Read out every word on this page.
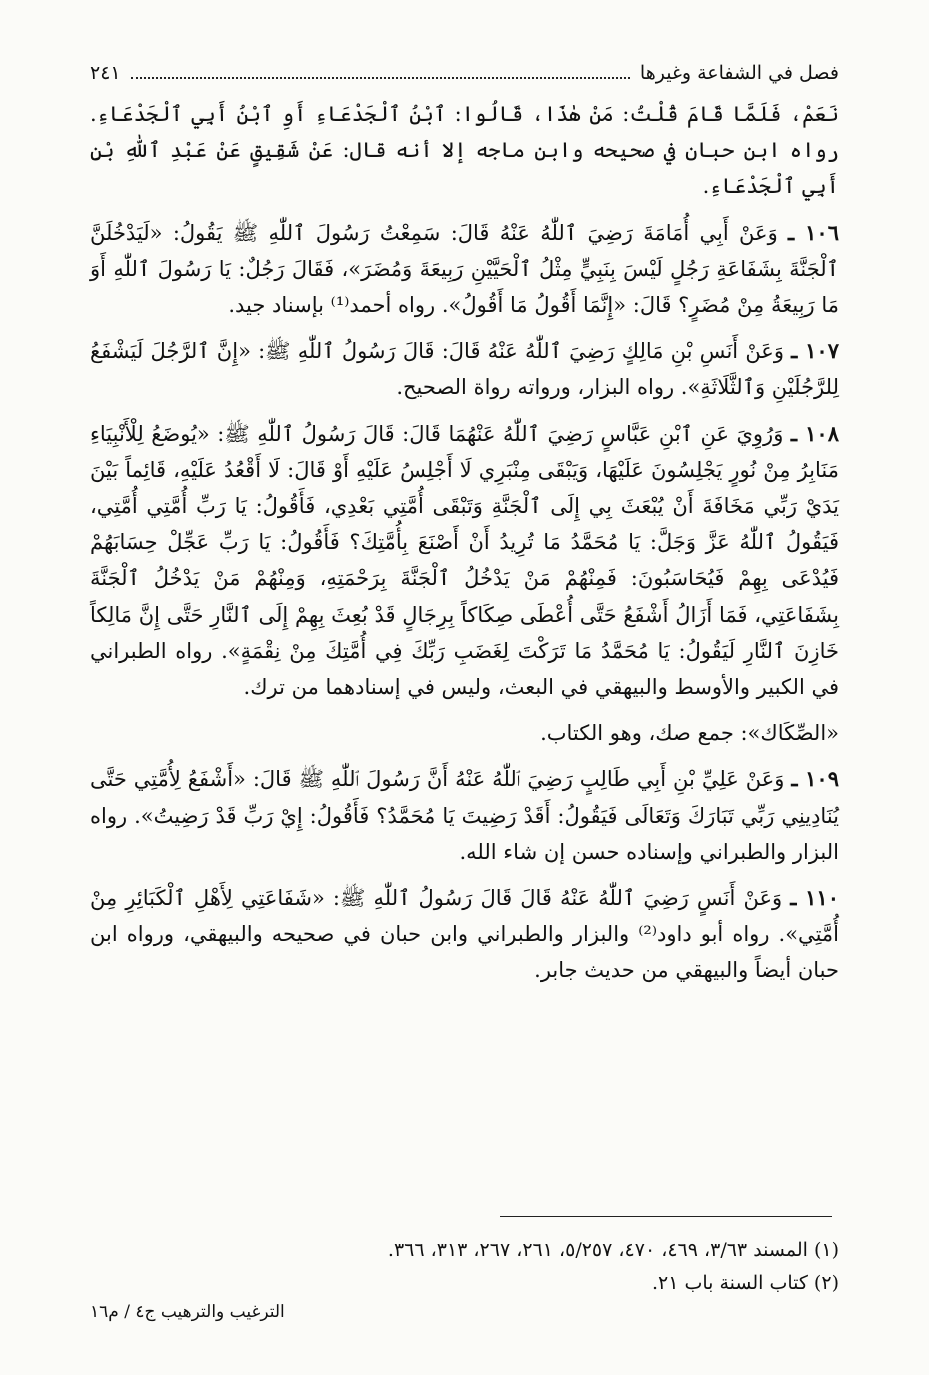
فصل في الشفاعة وغيرها
٢٤١

نَعَمْ، فَلَمَّا قَامَ قُلْتُ: مَنْ هٰذَا، قَالُوا: ٱبْنُ ٱلْجَدْعَاءِ أَوِ ٱبْنُ أَبِي ٱلْجَدْعَاءِ. رواه ابن حبان في صحيحه وابن ماجه إلا أنه قال: عَنْ شَقِيقٍ عَنْ عَبْدِ ٱللّٰهِ بْنِ أَبِي ٱلْجَدْعَاءِ.

١٠٦ ـ وَعَنْ أَبِي أُمَامَةَ رَضِيَ ٱللّٰهُ عَنْهُ قَالَ: سَمِعْتُ رَسُولَ ٱللّٰهِ ﷺ يَقُولُ: «لَيَدْخُلَنَّ ٱلْجَنَّةَ بِشَفَاعَةِ رَجُلٍ لَيْسَ بِنَبِيٍّ مِثْلُ ٱلْحَيَّيْنِ رَبِيعَةَ وَمُضَرَ»، فَقَالَ رَجُلٌ: يَا رَسُولَ ٱللّٰهِ أَوَ مَا رَبِيعَةُ مِنْ مُضَرٍ؟ قَالَ: «إِنَّمَا أَقُولُ مَا أَقُولُ». رواه أحمد⁽¹⁾ بإسناد جيد.

١٠٧ ـ وَعَنْ أَنَسِ بْنِ مَالِكٍ رَضِيَ ٱللّٰهُ عَنْهُ قَالَ: قَالَ رَسُولُ ٱللّٰهِ ﷺ: «إِنَّ ٱلرَّجُلَ لَيَشْفَعُ لِلرَّجُلَيْنِ وَٱلثَّلَاثَةِ». رواه البزار، ورواته رواة الصحيح.

١٠٨ ـ وَرُوِيَ عَنِ ٱبْنِ عَبَّاسٍ رَضِيَ ٱللّٰهُ عَنْهُمَا قَالَ: قَالَ رَسُولُ ٱللّٰهِ ﷺ: «يُوضَعُ لِلْأَنْبِيَاءِ مَنَابِرُ مِنْ نُورٍ يَجْلِسُونَ عَلَيْهَا، وَيَبْقَى مِنْبَرِي لَا أَجْلِسُ عَلَيْهِ أَوْ قَالَ: لَا أَقْعُدُ عَلَيْهِ، قَائِماً بَيْنَ يَدَيْ رَبِّي مَخَافَةَ أَنْ يُبْعَثَ بِي إِلَى ٱلْجَنَّةِ وَتَبْقَى أُمَّتِي بَعْدِي، فَأَقُولُ: يَا رَبِّ أُمَّتِي أُمَّتِي، فَيَقُولُ ٱللّٰهُ عَزَّ وَجَلَّ: يَا مُحَمَّدُ مَا تُرِيدُ أَنْ أَصْنَعَ بِأُمَّتِكَ؟ فَأَقُولُ: يَا رَبِّ عَجِّلْ حِسَابَهُمْ فَيُدْعَى بِهِمْ فَيُحَاسَبُونَ: فَمِنْهُمْ مَنْ يَدْخُلُ ٱلْجَنَّةَ بِرَحْمَتِهِ، وَمِنْهُمْ مَنْ يَدْخُلُ ٱلْجَنَّةَ بِشَفَاعَتِي، فَمَا أَزَالُ أَشْفَعُ حَتَّى أُعْطَى صِكَاكاً بِرِجَالٍ قَدْ بُعِثَ بِهِمْ إِلَى ٱلنَّارِ حَتَّى إِنَّ مَالِكاً خَازِنَ ٱلنَّارِ لَيَقُولُ: يَا مُحَمَّدُ مَا تَرَكْتَ لِغَضَبِ رَبِّكَ فِي أُمَّتِكَ مِنْ نِقْمَةٍ». رواه الطبراني في الكبير والأوسط والبيهقي في البعث، وليس في إسنادهما من ترك.

«الصِّكَاك»: جمع صك، وهو الكتاب.

١٠٩ ـ وَعَنْ عَلِيِّ بْنِ أَبِي طَالِبٍ رَضِيَ ٱللّٰهُ عَنْهُ أَنَّ رَسُولَ ٱللّٰهِ ﷺ قَالَ: «أَشْفَعُ لِأُمَّتِي حَتَّى يُنَادِينِي رَبِّي تَبَارَكَ وَتَعَالَى فَيَقُولُ: أَقَدْ رَضِيتَ يَا مُحَمَّدُ؟ فَأَقُولُ: إِيْ رَبِّ قَدْ رَضِيتُ». رواه البزار والطبراني وإسناده حسن إن شاء الله.

١١٠ ـ وَعَنْ أَنَسٍ رَضِيَ ٱللّٰهُ عَنْهُ قَالَ قَالَ رَسُولُ ٱللّٰهِ ﷺ: «شَفَاعَتِي لِأَهْلِ ٱلْكَبَائِرِ مِنْ أُمَّتِي». رواه أبو داود⁽²⁾ والبزار والطبراني وابن حبان في صحيحه والبيهقي، ورواه ابن حبان أيضاً والبيهقي من حديث جابر.

(١) المسند ٣/٦٣، ٤٦٩، ٤٧٠، ٥/٢٥٧، ٢٦١، ٢٦٧، ٣١٣، ٣٦٦.

(٢) كتاب السنة باب ٢١.

الترغيب والترهيب ج٤ / م١٦
